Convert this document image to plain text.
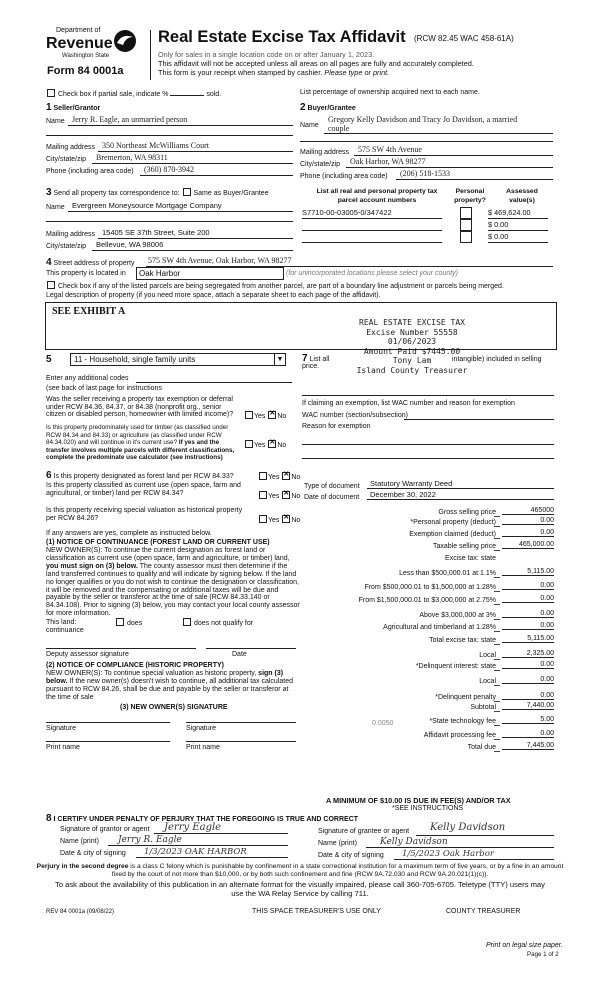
Department of
Revenue
Washington State
Form 84 0001a
Real Estate Excise Tax Affidavit (RCW 82.45 WAC 458-61A)
Only for sales in a single location code on or after January 1, 2023.
This affidavit will not be accepted unless all areas on all pages are fully and accurately completed.
This form is your receipt when stamped by cashier. Please type or print.
Check box if partial sale, indicate %	sold.	List percentage of ownership acquired next to each name.
1 Seller/Grantor
Name Jerry R. Eagle, an unmarried person
Mailing address 350 Northeast McWilliams Court
City/state/zip Bremerton, WA 98311
Phone (including area code) (360) 870-3942
2 Buyer/Grantee
Name
Gregory Kelly Davidson and Tracy Jo Davidson, a married
couple
Mailing address 575 SW 4th Avenue
City/state/zip Oak Harbor, WA 98277
Phone (including area code) (206) 518-1533
3 Send all property tax correspondence to: Same as Buyer/Grantee
Name Evergreen Moneysource Mortgage Company
Mailing address 15405 SE 37th Street, Suite 200
City/state/zip Bellevue, WA 98006
List all real and personal property tax
parcel account numbers
Personal
property?
Assessed
value(s)
S7710-00-03005-0/347422	$ 469,624.00
$ 0.00
$ 0.00
4 Street address of property 575 SW 4th Avenue, Oak Harbor, WA 98277
This property is located in	Oak Harbor	(for unincorporated locations please select your county)
Check box if any of the listed parcels are being segregated from another parcel, are part of a boundary line adjustment or parcels being merged.
Legal description of property (if you need more space, attach a separate sheet to each page of the affidavit).
SEE EXHIBIT A
REAL ESTATE EXCISE TAX
Excise Number 55558
01/06/2023
Amount Paid $7445.00
Tony Lam
Island County Treasurer
5	11 - Household, single family units	▼ 7 List all
price.
intangible) included in selling
Enter any additional codes
(see back of last page for instructions
Was the seller receiving a property tax exemption or deferral under RCW 84.36, 84.37, or 84.38 (nonprofit org., senior citizen or disabled person, homeowner with limited income)?	Yes ✕ No
Is this property predominately used for timber (as classified under RCW 84.34 and 84.33) or agriculture (as classified under RCW 84.34.020) and will continue in it's current use? If yes and the transfer involves multiple parcels with different classifications, complete the predominate use calculator (see instructions)
Yes ✕ No
If claiming an exemption, list WAC number and reason for exemption
WAC number (section/subsection)
Reason for exemption
6 Is this property designated as forest land per RCW 84.33?	Yes ✕ No
Is this property classified as current use (open space, farm and agricultural, or timber) land per RCW 84.34?	Yes ✕ No
Is this property receiving special valuation as historical property per RCW 84.26?	Yes ✕ No
If any answers are yes, complete as instructed below.
(1) NOTICE OF CONTINUANCE (FOREST LAND OR CURRENT USE)
NEW OWNER(S): To continue the current designation as forest land or classification as current use (open space, farm and agriculture, or timber) land, you must sign on (3) below. The county assessor must then determine if the land transferred continues to qualify and will indicate by signing below. If the land no longer qualifies or you do not wish to continue the designation or classification, it will be removed and the compensating or additional taxes will be due and payable by the seller or transferor at the time of sale (RCW 84.33.140 or 84.34.108). Prior to signing (3) below, you may contact your local county assessor for more information.
This land:	does	does not qualify for
continuance
Deputy assessor signature	Date
(2) NOTICE OF COMPLIANCE (HISTORIC PROPERTY)
NEW OWNER(S): To continue special valuation as historic property, sign (3) below. If the new owner(s) doesn't wish to continue, all additional tax calculated pursuant to RCW 84.26, shall be due and payable by the seller or transferor at the time of sale
(3) NEW OWNER(S) SIGNATURE
Signature	Signature
Print name	Print name
Type of document Statutory Warranty Deed
Date of document December 30, 2022
Gross selling price	465000
*Personal property (deduct)	0.00
Exemption claimed (deduct)	0.00
Taxable selling price	465,000.00
Excise tax: state
Less than $500,000.01 at 1.1%	5,115.00
From $500,000.01 to $1,500,000 at 1.28%	0.00
From $1,500,000.01 to $3,000,000 at 2.75%	0.00
Above $3,000,000 at 3%	0.00
Agricultural and timberland at 1.28%	0.00
Total excise tax: state	5,115.00
Local	2,325.00
*Delinquent interest: state	0.00
Local	0.00
*Delinquent penalty	0.00
Subtotal	7,440.00
*State technology fee	5.00
Affidavit processing fee	0.00
Total due	7,445.00
0.0050
A MINIMUM OF $10.00 IS DUE IN FEE(S) AND/OR TAX
*SEE INSTRUCTIONS
8 I CERTIFY UNDER PENALTY OF PERJURY THAT THE FOREGOING IS TRUE AND CORRECT
Signature of grantor or agent
Name (print)
Date & city of signing
Jerry Eagle
Jerry R. Eagle
1/3/2023 OAK HARBOR
Signature of grantee or agent
Name (print)
Date & city of signing
Kelly Davidson
Kelly Davidson
1/5/2023 Oak Harbor
Perjury in the second degree is a class C felony which is punishable by confinement in a state correctional institution for a maximum term of five years, or by a fine in an amount fixed by the court of not more than $10,000, or by both such confinement and fine (RCW 9A.72.030 and RCW 9A.20.021(1)(c)).
To ask about the availability of this publication in an alternate format for the visually impaired, please call 360-705-6705. Teletype (TTY) users may use the WA Relay Service by calling 711.
REV 84 0001a (09/08/22)	THIS SPACE TREASURER'S USE ONLY	COUNTY TREASURER
Print on legal size paper.
Page 1 of 2
